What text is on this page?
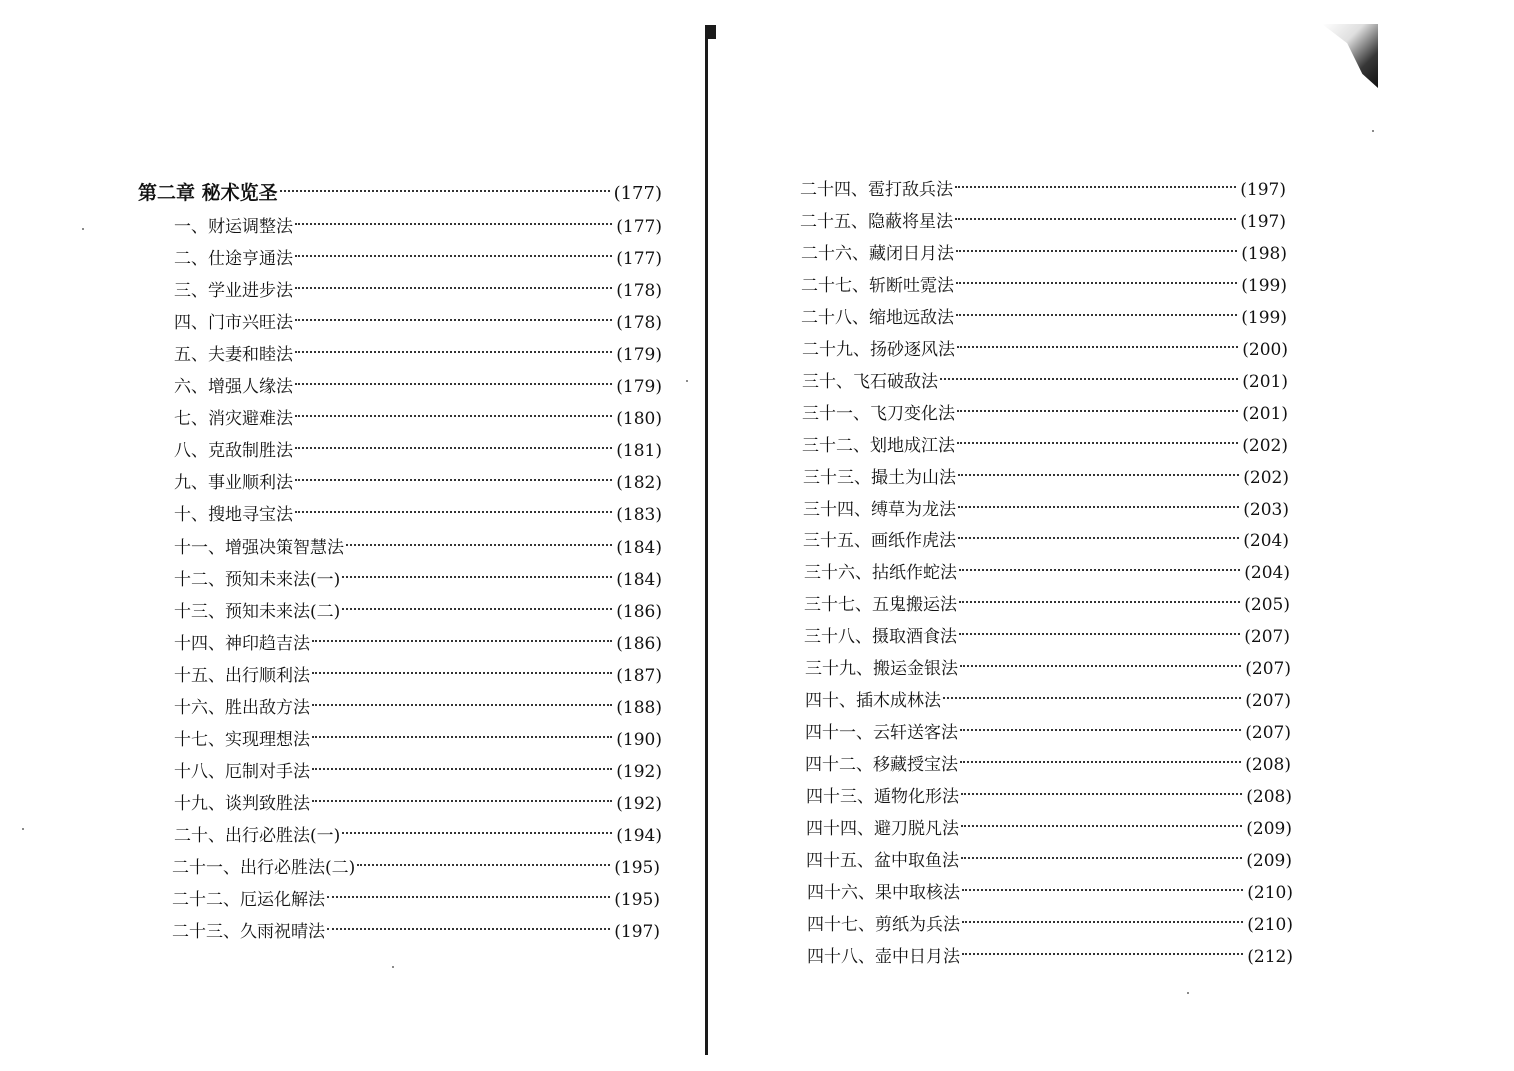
第二章 秘术览圣	( 177 )
一、财运调整法	( 177 )
二、仕途亨通法	( 177 )
三、学业进步法	( 178 )
四、门市兴旺法	( 178 )
五、夫妻和睦法	( 179 )
六、增强人缘法	( 179 )
七、消灾避难法	( 180 )
八、克敌制胜法	( 181 )
九、事业顺利法	( 182 )
十、搜地寻宝法	( 183 )
十一、增强决策智慧法	( 184 )
十二、预知未来法(一)	( 184 )
十三、预知未来法(二)	( 186 )
十四、神印趋吉法	( 186 )
十五、出行顺利法	( 187 )
十六、胜出敌方法	( 188 )
十七、实现理想法	( 190 )
十八、厄制对手法	( 192 )
十九、谈判致胜法	( 192 )
二十、出行必胜法(一)	( 194 )
二十一、出行必胜法(二)	( 195 )
二十二、厄运化解法	( 195 )
二十三、久雨祝晴法	( 197 )
二十四、雹打敌兵法	( 197 )
二十五、隐蔽将星法	( 197 )
二十六、藏闭日月法	( 198 )
二十七、斩断吐霓法	( 199 )
二十八、缩地远敌法	( 199 )
二十九、扬砂逐风法	( 200 )
三十、飞石破敌法	( 201 )
三十一、飞刀变化法	( 201 )
三十二、划地成江法	( 202 )
三十三、撮土为山法	( 202 )
三十四、缚草为龙法	( 203 )
三十五、画纸作虎法	( 204 )
三十六、拈纸作蛇法	( 204 )
三十七、五鬼搬运法	( 205 )
三十八、摄取酒食法	( 207 )
三十九、搬运金银法	( 207 )
四十、插木成林法	( 207 )
四十一、云轩送客法	( 207 )
四十二、移藏授宝法	( 208 )
四十三、遁物化形法	( 208 )
四十四、避刀脱凡法	( 209 )
四十五、盆中取鱼法	( 209 )
四十六、果中取核法	( 210 )
四十七、剪纸为兵法	( 210 )
四十八、壶中日月法	( 212 )
